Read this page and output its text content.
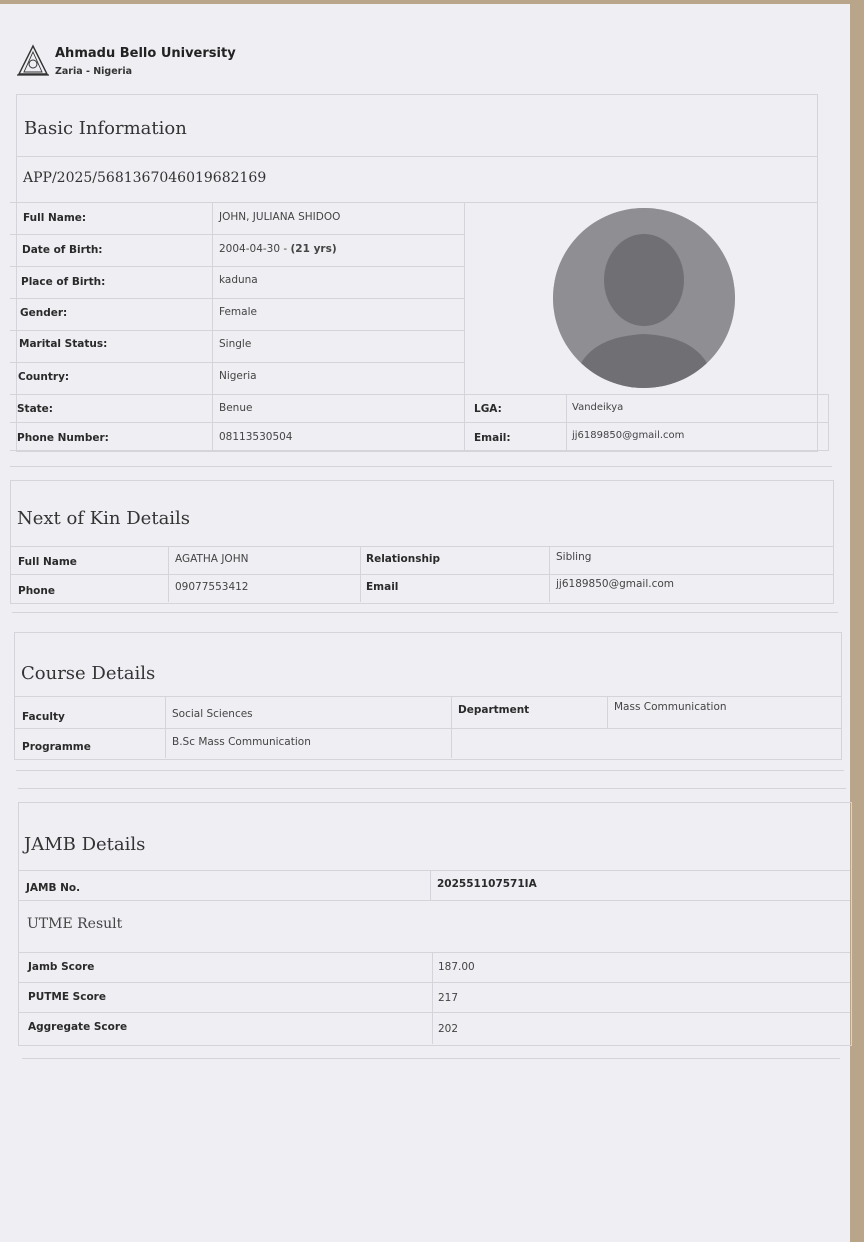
Ahmadu Bello University
Zaria - Nigeria
Basic Information
APP/2025/5681367046019682169
Full Name:	JOHN, JULIANA SHIDOO
Date of Birth:	2004-04-30 - (21 yrs)
Place of Birth:	kaduna
Gender:	Female
Marital Status:	Single
Country:	Nigeria
State:	Benue	LGA:	Vandeikya
Phone Number:	08113530504	Email:	jj6189850@gmail.com
Next of Kin Details
Full Name	AGATHA JOHN	Relationship	Sibling
Phone	09077553412	Email	jj6189850@gmail.com
Course Details
Faculty	Social Sciences	Department	Mass Communication
Programme	B.Sc Mass Communication
JAMB Details
UTME Result
JAMB No.	202551107571IA
Jamb Score	187.00
PUTME Score	217
Aggregate Score	202
